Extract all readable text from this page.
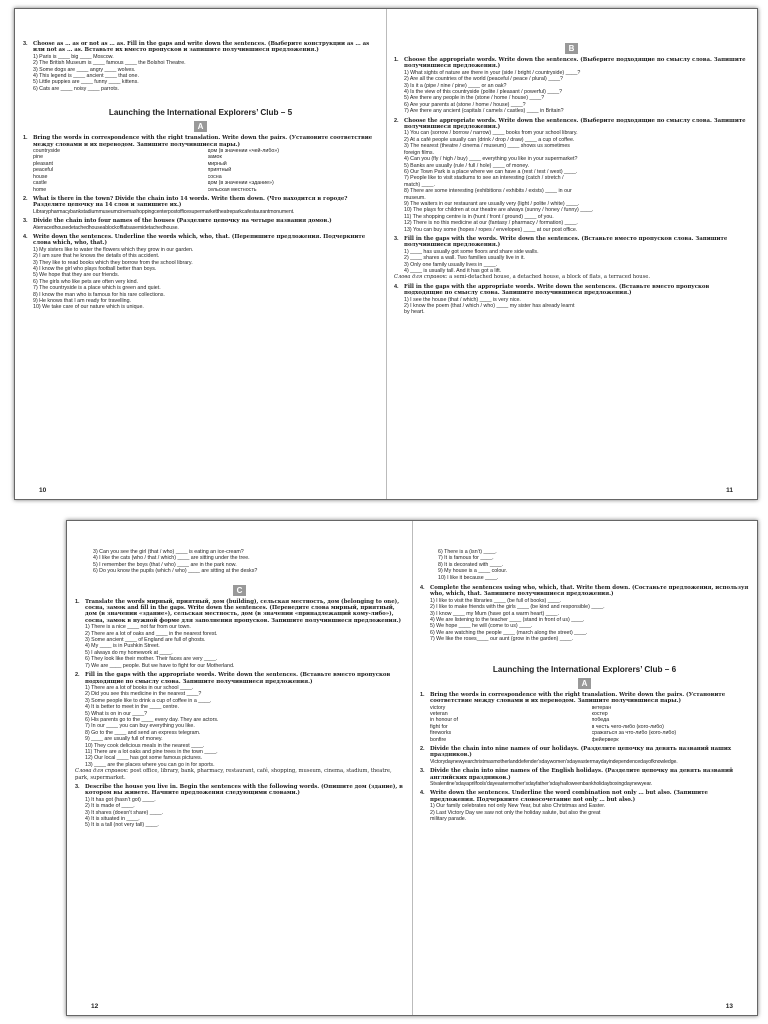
3.	Choose as … as or not as … as. Fill in the gaps and write down the sentences. (Выберите конструкции as … as или not as … as. Вставьте их вместо пропусков и запишите получившиеся предложения.)
1) Paris is ____ big ____ Moscow.
2) The British Museum is ____ famous ____ the Bolshoi Theatre.
3) Some dogs are ____ angry ____ wolves.
4) This legend is ____ ancient ____ that one.
5) Little puppies are ____ funny ____ kittens.
6) Cats are ____ noisy ____ parrots.
Launching the International Explorers’ Club – 5
A
1.	Bring the words in correspondence with the right translation. Write down the pairs. (Установите соответствие между словами и их переводом. Запишите получившиеся пары.)
countryside	дом (в значении «чей-либо»)
pine	замок
pleasant	мирный
peaceful	приятный
house	сосна
castle	дом (в значении «здание»)
home	сельская местность
2.	What is there in the town? Divide the chain into 14 words. Write them down. (Что находится в городе? Разделите цепочку на 14 слов и запишите их.)
Librarypharmacybankstadiummuseumcinemashoppingcenterpostofficesupermarkettheatreparkcafestaurantmonument.
3.	Divide the chain into four names of the houses (Разделите цепочку на четыре названия домов.)
Aterracedhousedetachedhouseablockofflatsasemidetachedhouse.
4.	Write down the sentences. Underline the words which, who, that. (Перепишите предложения. Подчеркните слова which, who, that.)
1) My sisters like to water the flowers which they grow in our garden.
2) I am sure that he knows the details of this accident.
3) They like to read books which they borrow from the school library.
4) I know the girl who plays football better than boys.
5) We hope that they are our friends.
6) The girls who like pets are often very kind.
7) The countryside is a place which is green and quiet.
8) I know the man who is famous for his rare collections.
9) He knows that I am ready for travelling.
10) We take care of our nature which is unique.
10
B
1.	Choose the appropriate words. Write down the sentences. (Выберите подходящие по смыслу слова. Запишите получившиеся предложения.)
1) What sights of nature are there in your (side / bright / countryside) ____?
2) Are all the countries of the world (peaceful / peace / plural) ____?
3) Is it a (pipe / nine / pine) ____ or an oak?
4) Is the view of this countryside (polite / pleasant / powerful) ____?
5) Are there any people in the (stone / home / house) ____?
6) Are your parents at (stone / home / house) ____?
7) Are there any ancient (capitals / camels / castles) ____ in Britain?
2.	Choose the appropriate words. Write down the sentences. (Выберите подходящие по смыслу слова. Запишите получившиеся предложения.)
1) You can (sorrow / borrow / narrow) ____ books from your school library.
2) At a café people usually can (drink / drop / draw) ____ a cup of coffee.
3) The nearest (theatre / cinema / museum) ____ shows us sometimes
foreign films.
4) Can you (fly / high / buy) ____ everything you like in your supermarket?
5) Banks are usually (rule / full / hole) ____ of money.
6) Our Town Park is a place where we can have a (rest / test / west) ____.
7) People like to visit stadiums to see an interesting (catch / stretch /
match) ____.
8) There are some interesting (exhibitions / exhibits / exists) ____ in our
museum.
9) The waiters in our restaurant are usually very (light / polite / white) ____.
10) The plays for children at our theatre are always (sunny / honey / funny) ____.
11) The shopping centre is in (hunt / front / ground) ____ of you.
12) There is no this medicine at our (fantasy / pharmacy / formation) ____.
13) You can buy some (hopes / ropes / envelopes) ____ at our post office.
3.	Fill in the gaps with the words. Write down the sentences. (Вставьте вместо пропусков слова. Запишите получившиеся предложения.)
1) ____ has usually got some floors and share side walls.
2) ____ shares a wall. Two families usually live in it.
3) Only one family usually lives in ____.
4) ____ is usually tall. And it has got a lift.
Слова для справок: a semi-detached house, a detached house, a block of flats, a terraced house.
4.	Fill in the gaps with the appropriate words. Write down the sentences. (Вставьте вместо пропусков подходящие по смыслу слова. Запишите получившиеся предложения.)
1) I see the house (that / which) ____ is very nice.
2) I know the poem (that / which / who) ____ my sister has already learnt
by heart.
11
3) Can you see the girl (that / who) ____ is eating an ice-cream?
4) I like the cats (who / that / which) ____ are sitting under the tree.
5) I remember the boys (that / who) ____ are in the park now.
6) Do you know the pupils (which / who) ____ are sitting at the desks?
C
1.	Translate the words мирный, приятный, дом (building), сельская местность, дом (belonging to one), сосна, замок and fill in the gaps. Write down the sentences. (Переведите слова мирный, приятный, дом (в значении «здание»), сельская местность, дом (в значении «принадлежащий кому-либо»), сосна, замок в нужной форме для заполнения пропусков. Запишите получившиеся предложения.)
1) There is a nice ____ not far from our town.
2) There are a lot of oaks and ____ in the nearest forest.
3) Some ancient ____ of England are full of ghosts.
4) My ____ is in Pushkin Street.
5) I always do my homework at ____.
6) They look like their mother. Their faces are very ____.
7) We are ____ people. But we have to fight for our Motherland.
2.	Fill in the gaps with the appropriate words. Write down the sentences. (Вставьте вместо пропусков подходящие по смыслу слова. Запишите получившиеся предложения.)
1) There are a lot of books in our school ____.
2) Did you see this medicine in the nearest ____?
3) Some people like to drink a cup of coffee in a ____.
4) It is better to meet in the ____ centre.
5) What is on in our ____?
6) His parents go to the ____ every day. They are actors.
7) In our ____ you can buy everything you like.
8) Go to the ____ and send an express telegram.
9) ____ are usually full of money.
10) They cook delicious meals in the nearest ____.
11) There are a lot oaks and pine trees in the town ____.
12) Our local ____ has got some famous pictures.
13) ____ are the places where you can go in for sports.
Слова для справок: post office, library, bank, pharmacy, restaurant, café, shopping, museum, cinema, stadium, theatre, park, supermarket.
3.	Describe the house you live in. Begin the sentences with the following words. (Опишите дом (здание), в котором вы живете. Начните предложения следующими словами.)
1) It has got (hasn’t got) ____.
2) It is made of ____.
3) It shares (doesn’t share) ____.
4) It is situated in ____.
5) It is a tall (not very tall) ____.
12
6) There is a (isn’t) ____.
7) It is famous for ____.
8) It is decorated with ____.
9) My house is a ____ colour.
10) I like it because ____.
4.	Complete the sentences using who, which, that. Write them down. (Составьте предложения, используя who, which, that. Запишите получившиеся предложения.)
1) I like to visit the libraries ____ (be full of books) ____.
2) I like to make friends with the girls ____ (be kind and responsible) ____.
3) I know ____ my Mum (have got a warm heart) ____.
4) We are listening to the teacher ____ (stand in front of us) ____.
5) We hope ____ he will (come to us) ____.
6) We are watching the people ____ (march along the street) ____.
7) We like the roses____ our aunt (grow in the garden) ____.
Launching the International Explorers’ Club – 6
A
1.	Bring the words in correspondence with the right translation. Write down the pairs. (Установите соответствие между словами и их переводом. Запишите получившиеся пары.)
victory	ветеран
veteran	костер
in honour of	победа
fight for	в честь чего-либо (кого-либо)
fireworks	сражаться за что-либо (кого-либо)
bonfire	фейерверк
2.	Divide the chain into nine names of our holidays. (Разделите цепочку на девять названий наших праздников.)
Victorydaynewyearchristmasmotherlanddefenderʼsdaywomenʼsdayeastermaydayindependencedayofknowledge.
3.	Divide the chain into nine names of the English holidays. (Разделите цепочку на девять названий английских праздников.)
Stvalentineʼsdayaprilfoolsʼdayeastermotherʼsdayfatherʼsdayhalloweenbankholidayboxingdaynewyear.
4.	Write down the sentences. Underline the word combination not only … but also. (Запишите предложения. Подчеркните словосочетание not only … but also.)
1) Our family celebrates not only New Year, but also Christmas and Easter.
2) Last Victory Day we saw not only the holiday salute, but also the great
military parade.
13
